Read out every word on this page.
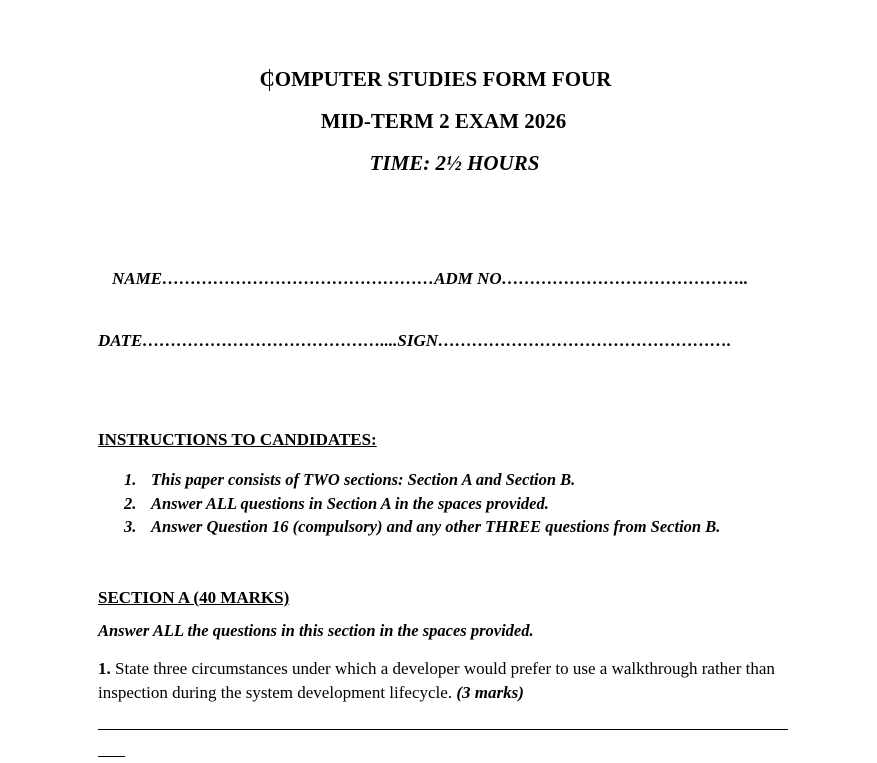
COMPUTER STUDIES FORM FOUR
MID-TERM 2 EXAM 2026
TIME: 2½ HOURS
NAME…………………………………………ADM NO……………………………………..
DATE……………………………………....SIGN…………………………………………….
INSTRUCTIONS TO CANDIDATES:
1. This paper consists of TWO sections: Section A and Section B.
2. Answer ALL questions in Section A in the spaces provided.
3. Answer Question 16 (compulsory) and any other THREE questions from Section B.
SECTION A (40 MARKS)
Answer ALL the questions in this section in the spaces provided.
1. State three circumstances under which a developer would prefer to use a walkthrough rather than inspection during the system development lifecycle. (3 marks)
